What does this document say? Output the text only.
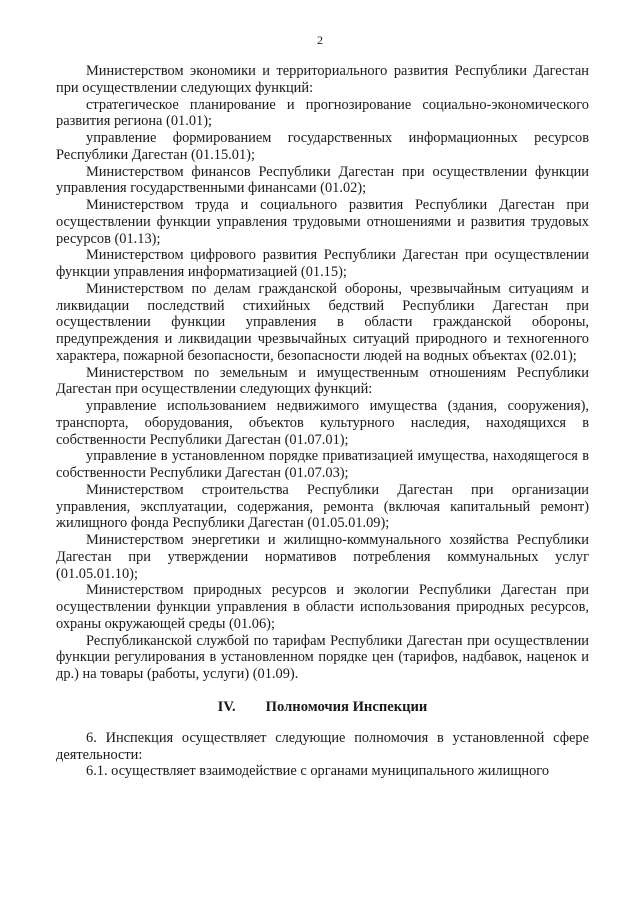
2

Министерством экономики и территориального развития Республики Дагестан при осуществлении следующих функций:

стратегическое планирование и прогнозирование социально-экономического развития региона (01.01);

управление формированием государственных информационных ресурсов Республики Дагестан (01.15.01);

Министерством финансов Республики Дагестан при осуществлении функции управления государственными финансами (01.02);

Министерством труда и социального развития Республики Дагестан при осуществлении функции управления трудовыми отношениями и развития трудовых ресурсов (01.13);

Министерством цифрового развития Республики Дагестан при осуществлении функции управления информатизацией (01.15);

Министерством по делам гражданской обороны, чрезвычайным ситуациям и ликвидации последствий стихийных бедствий Республики Дагестан при осуществлении функции управления в области гражданской обороны, предупреждения и ликвидации чрезвычайных ситуаций природного и техногенного характера, пожарной безопасности, безопасности людей на водных объектах (02.01);

Министерством по земельным и имущественным отношениям Республики Дагестан при осуществлении следующих функций:

управление использованием недвижимого имущества (здания, сооружения), транспорта, оборудования, объектов культурного наследия, находящихся в собственности Республики Дагестан (01.07.01);

управление в установленном порядке приватизацией имущества, находящегося в собственности Республики Дагестан (01.07.03);

Министерством строительства Республики Дагестан при организации управления, эксплуатации, содержания, ремонта (включая капитальный ремонт) жилищного фонда Республики Дагестан (01.05.01.09);

Министерством энергетики и жилищно-коммунального хозяйства Республики Дагестан при утверждении нормативов потребления коммунальных услуг (01.05.01.10);

Министерством природных ресурсов и экологии Республики Дагестан при осуществлении функции управления в области использования природных ресурсов, охраны окружающей среды (01.06);

Республиканской службой по тарифам Республики Дагестан при осуществлении функции регулирования в установленном порядке цен (тарифов, надбавок, наценок и др.) на товары (работы, услуги) (01.09).

IV. Полномочия Инспекции

6. Инспекция осуществляет следующие полномочия в установленной сфере деятельности:

6.1. осуществляет взаимодействие с органами муниципального жилищного
